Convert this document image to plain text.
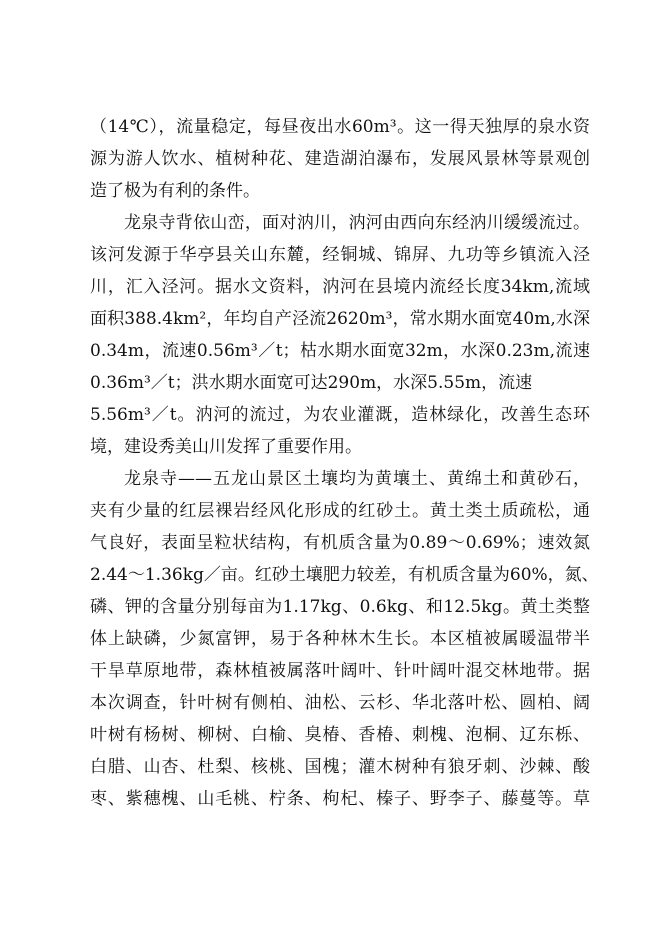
（14℃），流量稳定，每昼夜出水60m³。这一得天独厚的泉水资
源为游人饮水、植树种花、建造湖泊瀑布，发展风景林等景观创
造了极为有利的条件。
龙泉寺背依山峦，面对汭川，汭河由西向东经汭川缓缓流过。
该河发源于华亭县关山东麓，经铜城、锦屏、九功等乡镇流入泾
川，汇入泾河。据水文资料，汭河在县境内流经长度34km,流域
面积388.4km²，年均自产泾流2620m³，常水期水面宽40m,水深
0.34m，流速0.56m³／t；枯水期水面宽32m，水深0.23m,流速
0.36m³／t；洪水期水面宽可达290m，水深5.55m，流速
5.56m³／t。汭河的流过，为农业灌溉，造林绿化，改善生态环
境，建设秀美山川发挥了重要作用。
龙泉寺——五龙山景区土壤均为黄壤土、黄绵土和黄砂石，
夹有少量的红层裸岩经风化形成的红砂土。黄土类土质疏松，通
气良好，表面呈粒状结构，有机质含量为0.89～0.69%；速效氮
2.44～1.36kg／亩。红砂土壤肥力较差，有机质含量为60%，氮、
磷、钾的含量分别每亩为1.17kg、0.6kg、和12.5kg。黄土类整
体上缺磷，少氮富钾，易于各种林木生长。本区植被属暖温带半
干旱草原地带，森林植被属落叶阔叶、针叶阔叶混交林地带。据
本次调查，针叶树有侧柏、油松、云杉、华北落叶松、圆柏、阔
叶树有杨树、柳树、白榆、臭椿、香椿、刺槐、泡桐、辽东栎、
白腊、山杏、杜梨、核桃、国槐；灌木树种有狼牙刺、沙棘、酸
枣、紫穗槐、山毛桃、柠条、枸杞、榛子、野李子、藤蔓等。草
